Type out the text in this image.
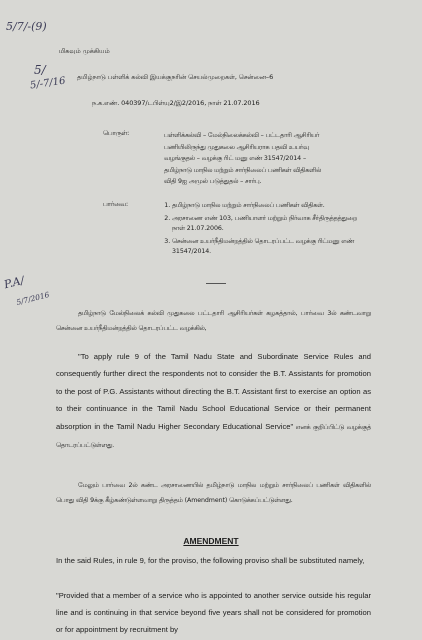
5/7/-(9)

5/

5/-7/16

P.A/

5/7/2016

மிகவும் முக்கியம்

தமிழ்நாடு பள்ளிக் கல்வி இயக்குநரின் செயல்முறைகள், சென்னை–6

ந.க.எண். 040397/டபிள்யு2/இ2/2016, நாள் 21.07.2016

பொருள்:	பள்ளிக்கல்வி – மேல்நிலைக்கல்வி – பட்டதாரி ஆசிரியர்
பணியிலிருந்து முதுகலை ஆசிரியராக பதவி உயர்வு
வழங்குதல் – வழக்கு ரிட் மனு எண் 31547/2014 –
தமிழ்நாடு மாநில மற்றும் சார்நிலைப் பணிகள் விதிகளில்
விதி 9ஐ அமுல் படுத்துதல் – சார்பு.

பார்வை:

1.	தமிழ்நாடு மாநில மற்றும் சார்நிலைப் பணிகள் விதிகள்.
2. அரசாணை எண் 103, பணியாளர் மற்றும் நிர்வாக சீர்திருத்தத்துறை நாள் 21.07.2006.
3. சென்னை உயர்நீதிமன்றத்தில் தொடரப்பட்ட வழக்கு ரிட்மனு எண் 31547/2014.
தமிழ்நாடு மேல்நிலைக் கல்வி முதுகலை பட்டதாரி ஆசிரியர்கள் கழகத்தால், பார்வை 3ல் கண்டவாறு சென்னை உயர்நீதிமன்றத்தில் தொடரப்பட்ட வழக்கில்,
"To apply rule 9 of the Tamil Nadu State and Subordinate Service Rules and consequently further direct the respondents not to consider the B.T. Assistants for promotion to the post of P.G. Assistants without directing the B.T. Assistant first to exercise an option as to their continuance in the Tamil Nadu School Educational Service or their permanent absorption in the Tamil Nadu Higher Secondary Educational Service" எனக் குறிப்பிட்டு வழக்குத் தொடரப்பட்டுள்ளது.
மேலும் பார்வை 2ல் கண்ட அரசாணையில் தமிழ்நாடு மாநில மற்றும் சார்நிலைப் பணிகள் விதிகளில் பொது விதி 9க்கு கீழ்கண்டுள்ளவாறு திருத்தம் (Amendment) கொடுக்கப்பட்டுள்ளது.

AMENDMENT

In the said Rules, in rule 9, for the proviso, the following proviso shall be substituted namely,
"Provided that a member of a service who is appointed to another service outside his regular line and is continuing in that service beyond five years shall not be considered for promotion or for appointment by recruitment by
